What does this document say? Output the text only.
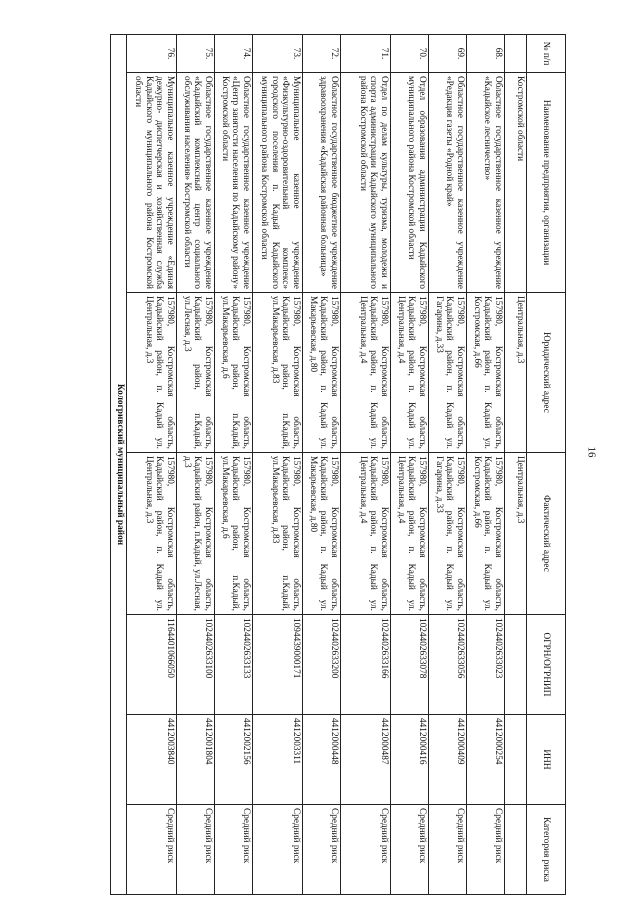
16
№ п/п	Наименование предприятия, организации	Юридический адрес	Фактический адрес	ОГРН/ОГРНИП	ИНН	Категория риска
	Костромской области	Центральная, д.3	Центральная, д.3			
68.	Областное государственное казенное учреждение «Кадыйское лесничество»	157980, Костромская область, Кадыйский район, п. Кадый ул. Костромская, д.66	157980, Костромская область, Кадыйский район, п. Кадый ул. Костромская, д.66	1024402633023	4412000254	Средний риск
69.	Областное государственное казенное учреждение «Редакция газеты «Родной край»	157980, Костромская область, Кадыйский район, п. Кадый ул. Гагарина, д.33	157980, Костромская область, Кадыйский район, п. Кадый ул. Гагарина, д.33	1024402633056	4412000409	Средний риск
70.	Отдел образования администрации Кадыйского муниципального района Костромской области	157980, Костромская область, Кадыйский район, п. Кадый ул. Центральная, д.4	157980, Костромская область, Кадыйский район, п. Кадый ул. Центральная, д.4	1024402633078	4412000416	Средний риск
71.	Отдел по делам культуры, туризма, молодежи и спорта администрации Кадыйского муниципального района Костромской области	157980, Костромская область, Кадыйский район, п. Кадый ул. Центральная, д.4	157980, Костромская область, Кадыйский район, п. Кадый ул. Центральная, д.4	1024402633166	4412000487	Средний риск
72.	Областное государственное бюджетное учреждение здравоохранения «Кадыйская районная больница»	157980, Костромская область, Кадыйский район, п. Кадый ул. Макарьевская, д.80	157980, Костромская область, Кадыйский район, п. Кадый ул. Макарьевская, д.80	1024402633200	4412000448	Средний риск
73.	Муниципальное казенное учреждение «Физкультурно-оздоровительный комплекс» городского поселения п. Кадый Кадыйского муниципального района Костромской области	157980, Костромская область, Кадыйский район, п.Кадый, ул.Макарьевская, д.83	157980, Костромская область, Кадыйский район, п.Кадый, ул.Макарьевская, д.83	1094439000171	4412003311	Средний риск
74.	Областное государственное казенное учреждение «Центр занятости населения по Кадыйскому району» Костромской области	157980, Костромская область, Кадыйский район, п.Кадый, ул.Макарьевская, д.6	157980, Костромская область, Кадыйский район, п.Кадый, ул.Макарьевская, д.6	1024402633133	4412002156	Средний риск
75.	Областное государственное казенное учреждение «Кадыйский комплексный центр социального обслуживания населения» Костромской области	157980, Костромская область, Кадыйский район, п.Кадый, ул.Лесная, д.3	157980, Костромская область, Кадыйский район, п.Кадый, ул.Лесная, д.3	1024402633100	4412001804	Средний риск
76.	Муниципальное казенное учреждение «Единая дежурно- диспетчерская и хозяйственная служба Кадыйского муниципального района Костромской области	157980, Костромская область, Кадыйский район, п. Кадый ул. Центральная, д.3	157980, Костромская область, Кадыйский район, п. Кадый ул. Центральная, д.3	1164401066050	4412003840	Средний риск
Кологривский муниципальный район						
